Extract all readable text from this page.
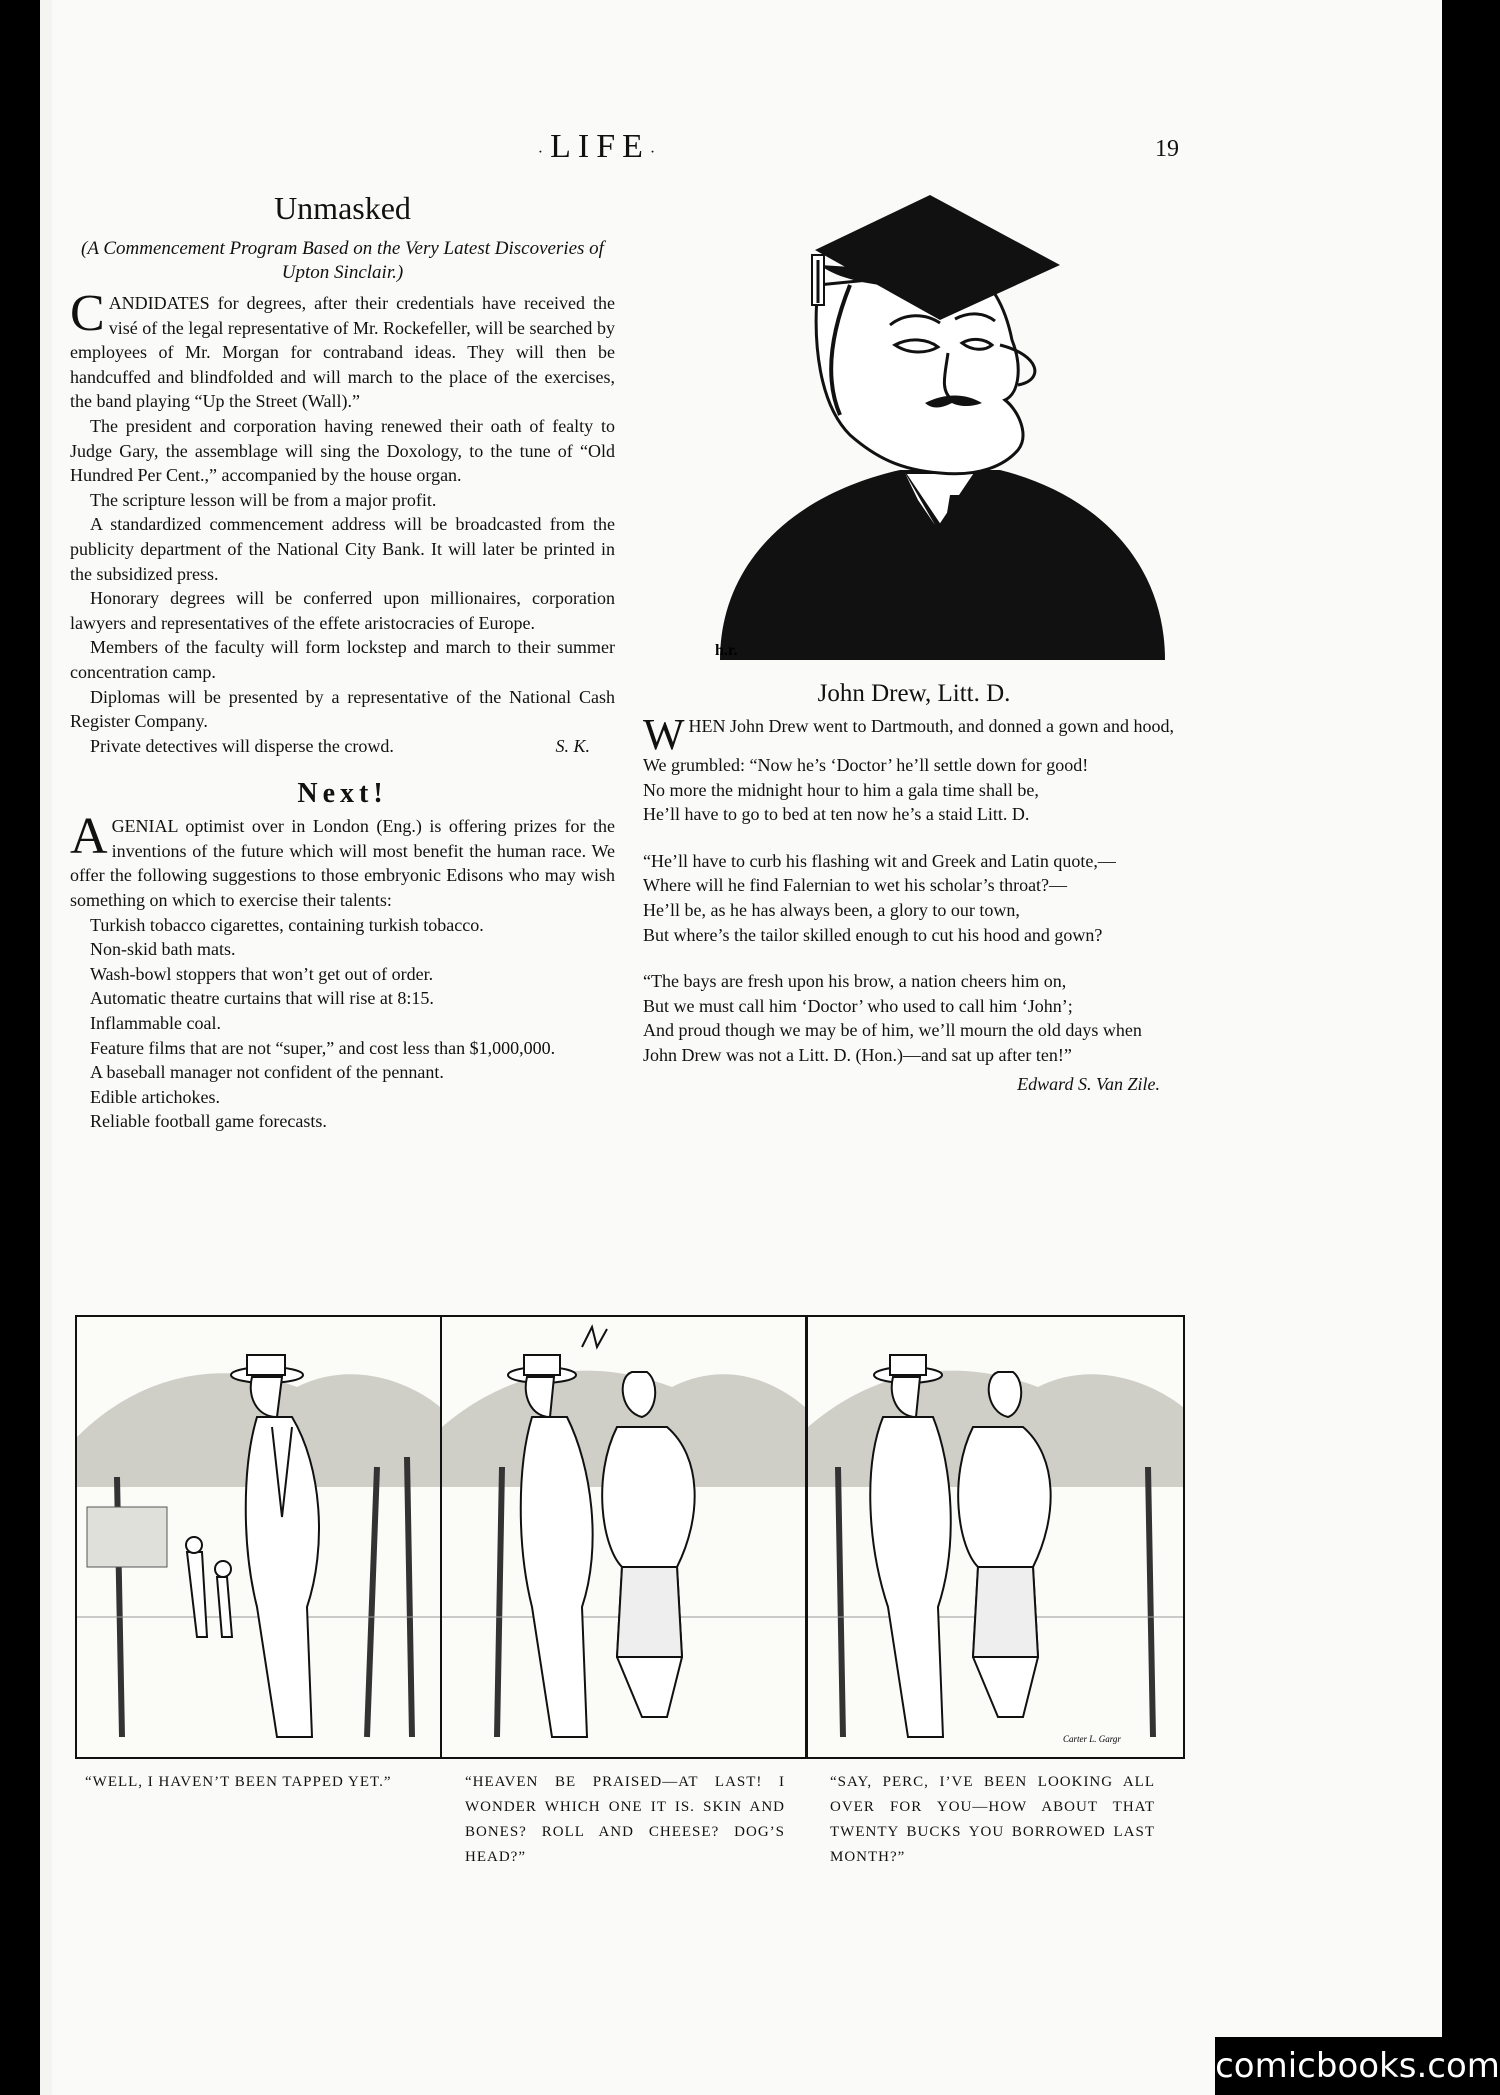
·LIFE·	19
Unmasked
(A Commencement Program Based on the Very Latest Discoveries of Upton Sinclair.)

CANDIDATES for degrees, after their credentials have received the visé of the legal representative of Mr. Rockefeller, will be searched by employees of Mr. Morgan for contraband ideas. They will then be handcuffed and blindfolded and will march to the place of the exercises, the band playing “Up the Street (Wall).”

The president and corporation having renewed their oath of fealty to Judge Gary, the assemblage will sing the Doxology, to the tune of “Old Hundred Per Cent.,” accompanied by the house organ.

The scripture lesson will be from a major profit.

A standardized commencement address will be broadcasted from the publicity department of the National City Bank. It will later be printed in the subsidized press.

Honorary degrees will be conferred upon millionaires, corporation lawyers and representatives of the effete aristocracies of Europe.

Members of the faculty will form lockstep and march to their summer concentration camp.

Diplomas will be presented by a representative of the National Cash Register Company.

Private detectives will disperse the crowd.	S. K.

Next!

AGENIAL optimist over in London (Eng.) is offering prizes for the inventions of the future which will most benefit the human race. We offer the following suggestions to those embryonic Edisons who may wish something on which to exercise their talents:

Turkish tobacco cigarettes, containing turkish tobacco.

Non-skid bath mats.

Wash-bowl stoppers that won’t get out of order.

Automatic theatre curtains that will rise at 8:15.

Inflammable coal.

Feature films that are not “super,” and cost less than $1,000,000.

A baseball manager not confident of the pennant.

Edible artichokes.

Reliable football game forecasts.

h.r.
John Drew, Litt. D.
WHEN John Drew went to Dartmouth, and donned a gown and hood,
We grumbled: “Now he’s ‘Doctor’ he’ll settle down for good!
No more the midnight hour to him a gala time shall be,
He’ll have to go to bed at ten now he’s a staid Litt. D.
“He’ll have to curb his flashing wit and Greek and Latin quote,—
Where will he find Falernian to wet his scholar’s throat?—
He’ll be, as he has always been, a glory to our town,
But where’s the tailor skilled enough to cut his hood and gown?
“The bays are fresh upon his brow, a nation cheers him on,
But we must call him ‘Doctor’ who used to call him ‘John’;
And proud though we may be of him, we’ll mourn the old days when
John Drew was not a Litt. D. (Hon.)—and sat up after ten!”
Edward S. Van Zile.
Carter L. Gargr
“WELL, I HAVEN’T BEEN TAPPED YET.”	“HEAVEN BE PRAISED—AT LAST! I WONDER WHICH ONE IT IS. SKIN AND BONES? ROLL AND CHEESE? DOG’S HEAD?”
“SAY, PERC, I’VE BEEN LOOKING ALL OVER FOR YOU—HOW ABOUT THAT TWENTY BUCKS YOU BORROWED LAST MONTH?”
comicbooks.com
